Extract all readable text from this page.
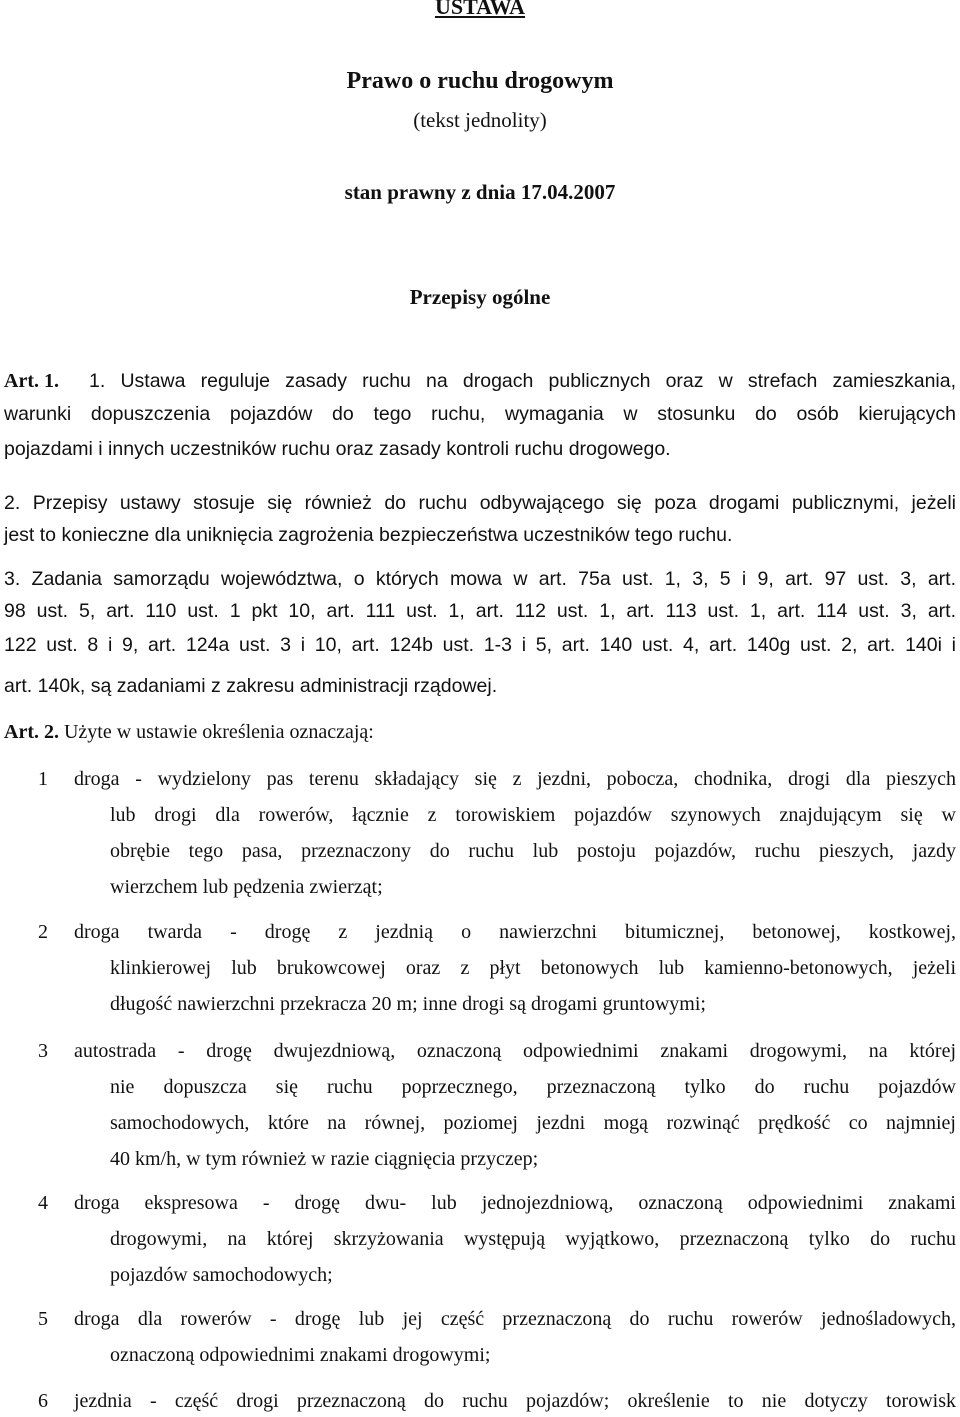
USTAWA
Prawo o ruchu drogowym
(tekst jednolity)
stan prawny z dnia 17.04.2007
Przepisy ogólne
Art. 1. 1. Ustawa reguluje zasady ruchu na drogach publicznych oraz w strefach zamieszkania,
warunki dopuszczenia pojazdów do tego ruchu, wymagania w stosunku do osób kierujących
pojazdami i innych uczestników ruchu oraz zasady kontroli ruchu drogowego.
2. Przepisy ustawy stosuje się również do ruchu odbywającego się poza drogami publicznymi, jeżeli
jest to konieczne dla uniknięcia zagrożenia bezpieczeństwa uczestników tego ruchu.
3. Zadania samorządu województwa, o których mowa w art. 75a ust. 1, 3, 5 i 9, art. 97 ust. 3, art.
98 ust. 5, art. 110 ust. 1 pkt 10, art. 111 ust. 1, art. 112 ust. 1, art. 113 ust. 1, art. 114 ust. 3, art.
122 ust. 8 i 9, art. 124a ust. 3 i 10, art. 124b ust. 1-3 i 5, art. 140 ust. 4, art. 140g ust. 2, art. 140i i
art. 140k, są zadaniami z zakresu administracji rządowej.
Art. 2. Użyte w ustawie określenia oznaczają:
1	droga - wydzielony pas terenu składający się z jezdni, pobocza, chodnika, drogi dla pieszych
lub drogi dla rowerów, łącznie z torowiskiem pojazdów szynowych znajdującym się w
obrębie tego pasa, przeznaczony do ruchu lub postoju pojazdów, ruchu pieszych, jazdy
wierzchem lub pędzenia zwierząt;
2	droga twarda - drogę z jezdnią o nawierzchni bitumicznej, betonowej, kostkowej,
klinkierowej lub brukowcowej oraz z płyt betonowych lub kamienno-betonowych, jeżeli
długość nawierzchni przekracza 20 m; inne drogi są drogami gruntowymi;
3	autostrada - drogę dwujezdniową, oznaczoną odpowiednimi znakami drogowymi, na której
nie dopuszcza się ruchu poprzecznego, przeznaczoną tylko do ruchu pojazdów
samochodowych, które na równej, poziomej jezdni mogą rozwinąć prędkość co najmniej
40 km/h, w tym również w razie ciągnięcia przyczep;
4	droga ekspresowa - drogę dwu- lub jednojezdniową, oznaczoną odpowiednimi znakami
drogowymi, na której skrzyżowania występują wyjątkowo, przeznaczoną tylko do ruchu
pojazdów samochodowych;
5	droga dla rowerów - drogę lub jej część przeznaczoną do ruchu rowerów jednośladowych,
oznaczoną odpowiednimi znakami drogowymi;
6	jezdnia - część drogi przeznaczoną do ruchu pojazdów; określenie to nie dotyczy torowisk
